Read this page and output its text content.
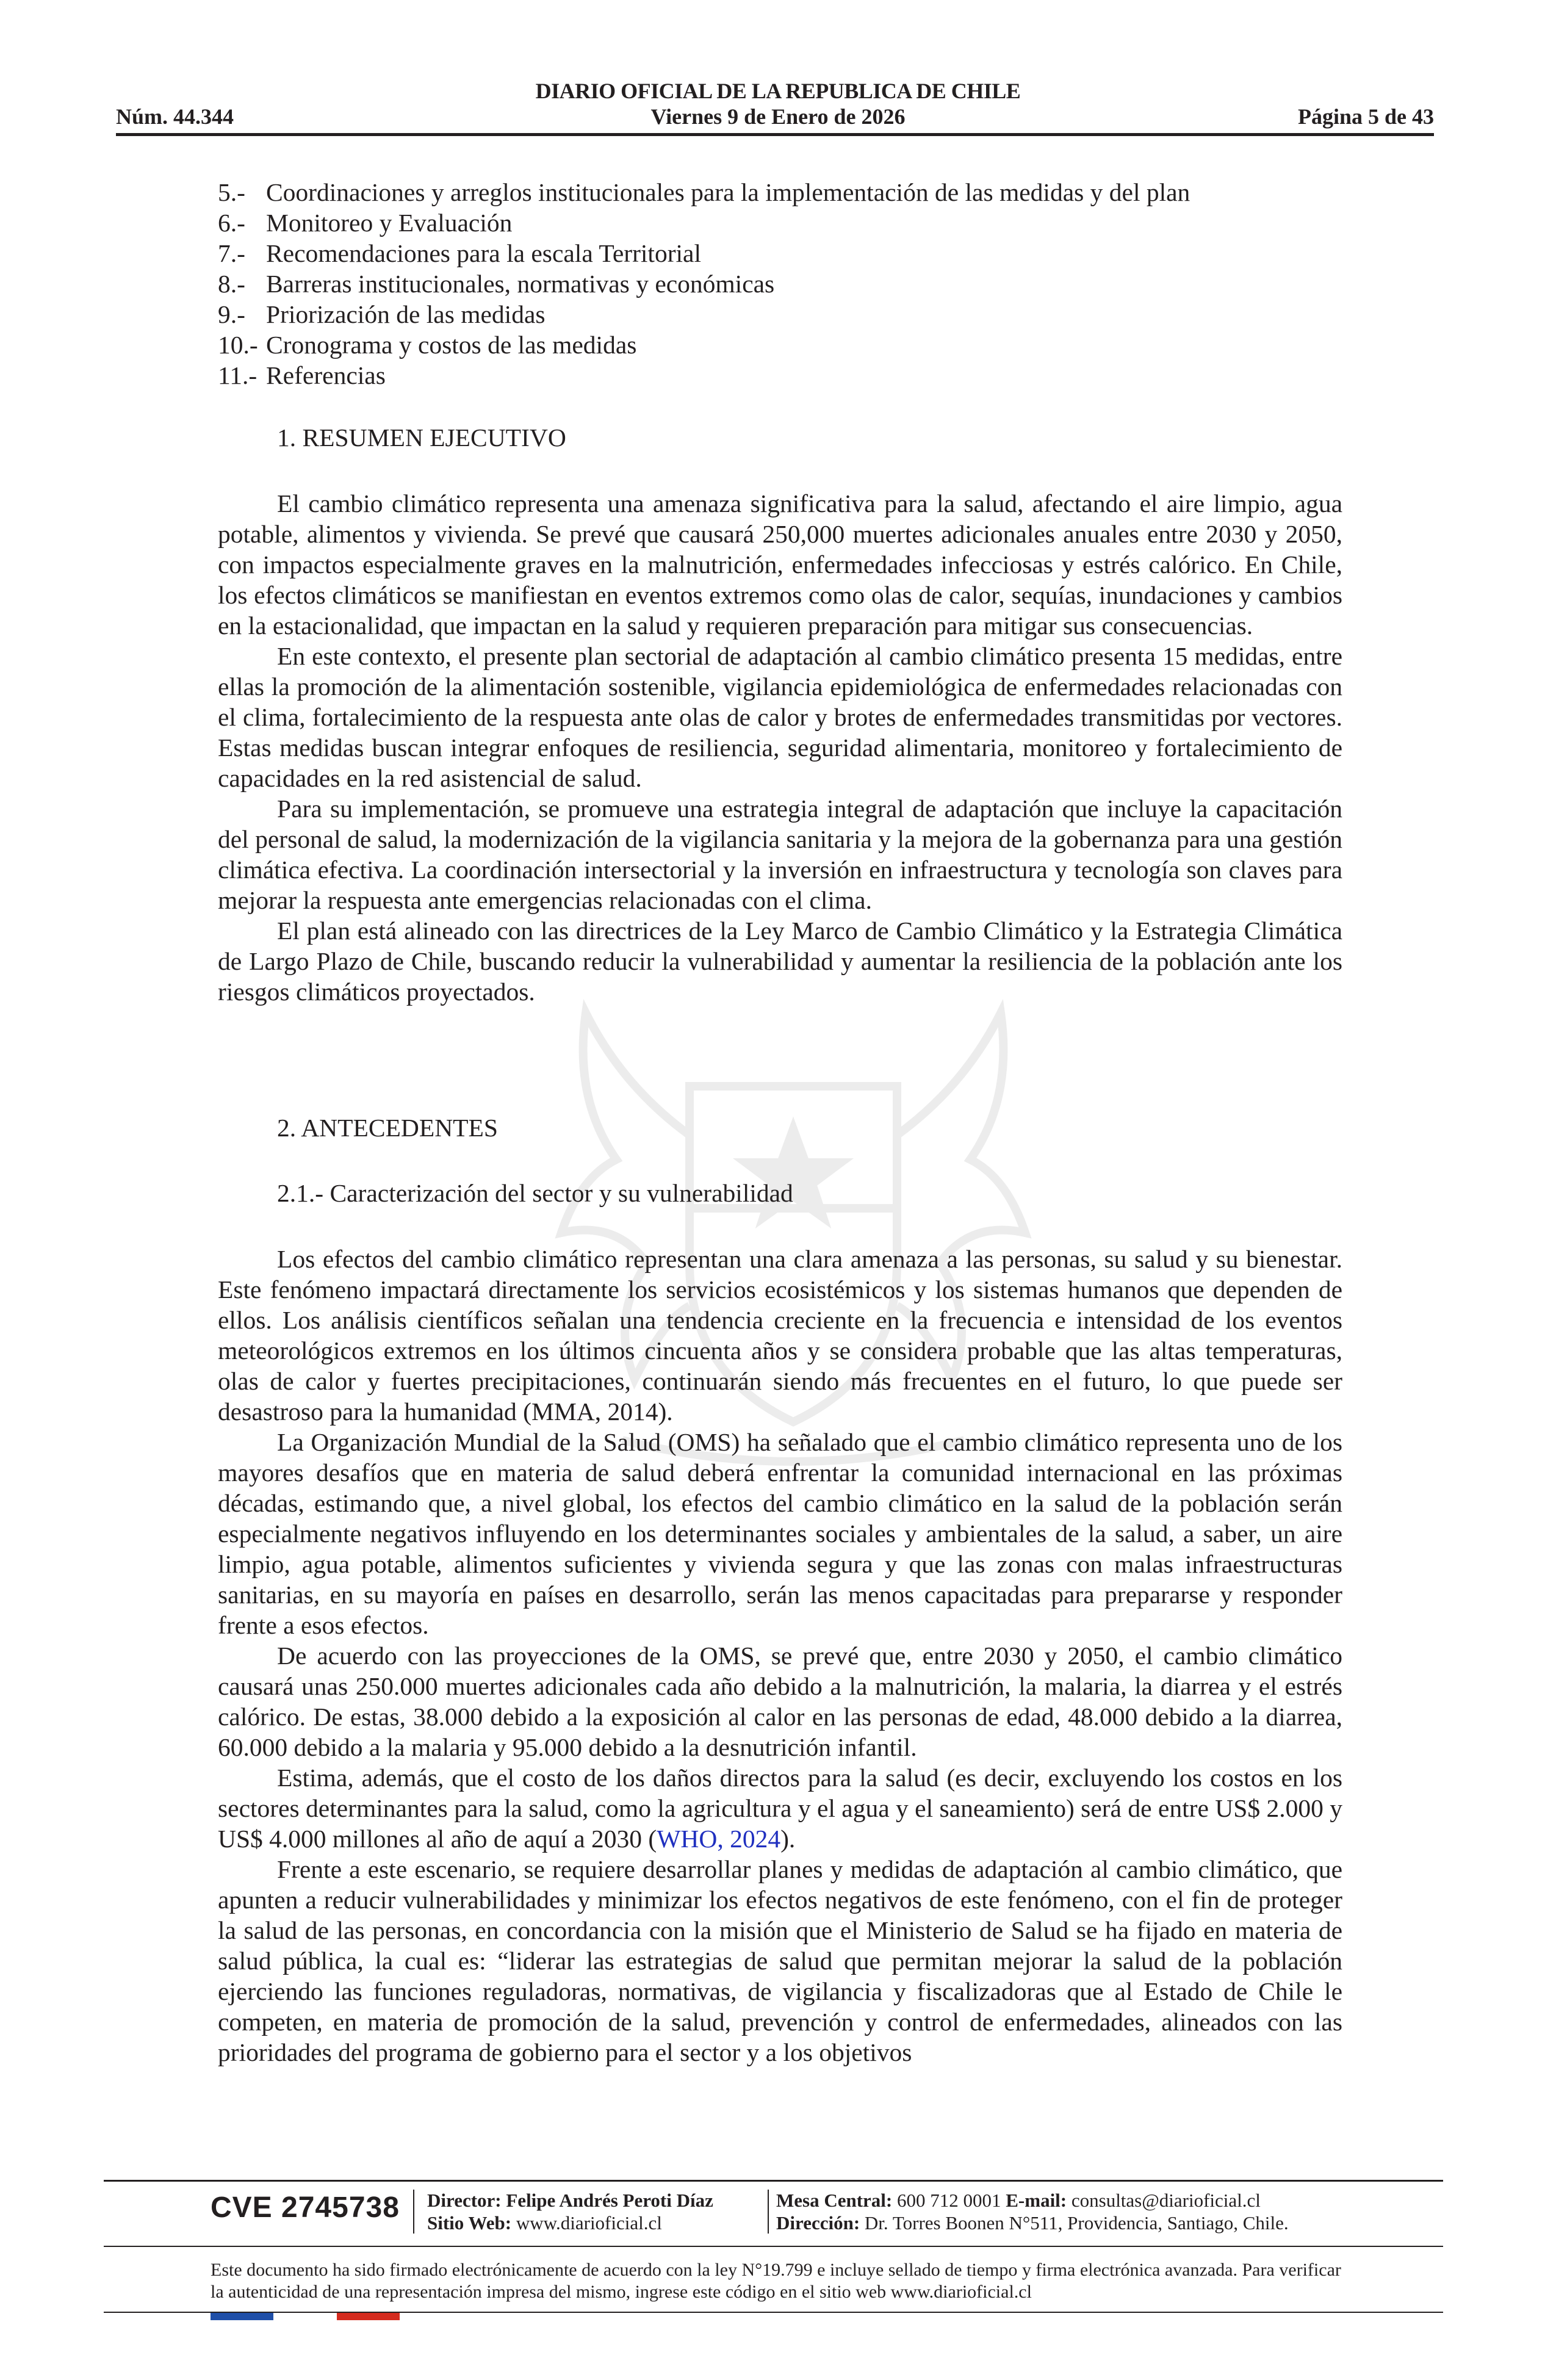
DIARIO OFICIAL DE LA REPUBLICA DE CHILE
Núm. 44.344	Viernes 9 de Enero de 2026	Página 5 de 43
5.- Coordinaciones y arreglos institucionales para la implementación de las medidas y del plan
6.- Monitoreo y Evaluación
7.- Recomendaciones para la escala Territorial
8.- Barreras institucionales, normativas y económicas
9.- Priorización de las medidas
10.- Cronograma y costos de las medidas
11.- Referencias
1. RESUMEN EJECUTIVO

El cambio climático representa una amenaza significativa para la salud, afectando el aire limpio, agua potable, alimentos y vivienda. Se prevé que causará 250,000 muertes adicionales anuales entre 2030 y 2050, con impactos especialmente graves en la malnutrición, enfermedades infecciosas y estrés calórico. En Chile, los efectos climáticos se manifiestan en eventos extremos como olas de calor, sequías, inundaciones y cambios en la estacionalidad, que impactan en la salud y requieren preparación para mitigar sus consecuencias.

En este contexto, el presente plan sectorial de adaptación al cambio climático presenta 15 medidas, entre ellas la promoción de la alimentación sostenible, vigilancia epidemiológica de enfermedades relacionadas con el clima, fortalecimiento de la respuesta ante olas de calor y brotes de enfermedades transmitidas por vectores. Estas medidas buscan integrar enfoques de resiliencia, seguridad alimentaria, monitoreo y fortalecimiento de capacidades en la red asistencial de salud.

Para su implementación, se promueve una estrategia integral de adaptación que incluye la capacitación del personal de salud, la modernización de la vigilancia sanitaria y la mejora de la gobernanza para una gestión climática efectiva. La coordinación intersectorial y la inversión en infraestructura y tecnología son claves para mejorar la respuesta ante emergencias relacionadas con el clima.

El plan está alineado con las directrices de la Ley Marco de Cambio Climático y la Estrategia Climática de Largo Plazo de Chile, buscando reducir la vulnerabilidad y aumentar la resiliencia de la población ante los riesgos climáticos proyectados.

2. ANTECEDENTES
2.1.- Caracterización del sector y su vulnerabilidad

Los efectos del cambio climático representan una clara amenaza a las personas, su salud y su bienestar. Este fenómeno impactará directamente los servicios ecosistémicos y los sistemas humanos que dependen de ellos. Los análisis científicos señalan una tendencia creciente en la frecuencia e intensidad de los eventos meteorológicos extremos en los últimos cincuenta años y se considera probable que las altas temperaturas, olas de calor y fuertes precipitaciones, continuarán siendo más frecuentes en el futuro, lo que puede ser desastroso para la humanidad (MMA, 2014).

La Organización Mundial de la Salud (OMS) ha señalado que el cambio climático representa uno de los mayores desafíos que en materia de salud deberá enfrentar la comunidad internacional en las próximas décadas, estimando que, a nivel global, los efectos del cambio climático en la salud de la población serán especialmente negativos influyendo en los determinantes sociales y ambientales de la salud, a saber, un aire limpio, agua potable, alimentos suficientes y vivienda segura y que las zonas con malas infraestructuras sanitarias, en su mayoría en países en desarrollo, serán las menos capacitadas para prepararse y responder frente a esos efectos.

De acuerdo con las proyecciones de la OMS, se prevé que, entre 2030 y 2050, el cambio climático causará unas 250.000 muertes adicionales cada año debido a la malnutrición, la malaria, la diarrea y el estrés calórico. De estas, 38.000 debido a la exposición al calor en las personas de edad, 48.000 debido a la diarrea, 60.000 debido a la malaria y 95.000 debido a la desnutrición infantil.

Estima, además, que el costo de los daños directos para la salud (es decir, excluyendo los costos en los sectores determinantes para la salud, como la agricultura y el agua y el saneamiento) será de entre US$ 2.000 y US$ 4.000 millones al año de aquí a 2030 (WHO, 2024).

Frente a este escenario, se requiere desarrollar planes y medidas de adaptación al cambio climático, que apunten a reducir vulnerabilidades y minimizar los efectos negativos de este fenómeno, con el fin de proteger la salud de las personas, en concordancia con la misión que el Ministerio de Salud se ha fijado en materia de salud pública, la cual es: “liderar las estrategias de salud que permitan mejorar la salud de la población ejerciendo las funciones reguladoras, normativas, de vigilancia y fiscalizadoras que al Estado de Chile le competen, en materia de promoción de la salud, prevención y control de enfermedades, alineados con las prioridades del programa de gobierno para el sector y a los objetivos

CVE 2745738 Director: Felipe Andrés Peroti Díaz
Sitio Web: www.diarioficial.cl
Mesa Central: 600 712 0001 E-mail: consultas@diarioficial.cl
Dirección: Dr. Torres Boonen N°511, Providencia, Santiago, Chile.
Este documento ha sido firmado electrónicamente de acuerdo con la ley N°19.799 e incluye sellado de tiempo y firma electrónica avanzada. Para verificar la autenticidad de una representación impresa del mismo, ingrese este código en el sitio web www.diarioficial.cl
